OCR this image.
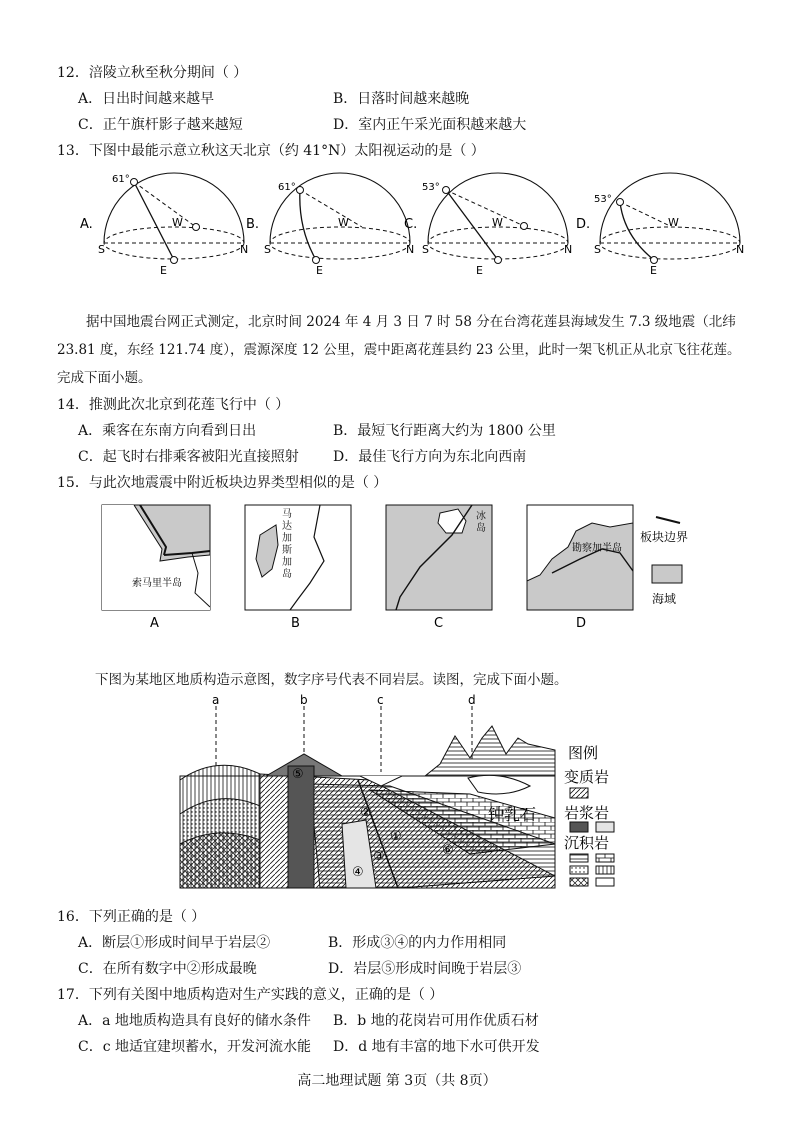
12．涪陵立秋至秋分期间（ ）
A．日出时间越来越早	B．日落时间越来越晚
C．正午旗杆影子越来越短	D．室内正午采光面积越来越大
13．下图中最能示意立秋这天北京（约 41°N）太阳视运动的是（ ）
A.
61°
S	N
E
W	B.
61°
S	N
E
W	C.
53°
S	N
E
W	D.
53°
S	N
E
W
据中国地震台网正式测定，北京时间 2024 年 4 月 3 日 7 时 58 分在台湾花莲县海域发生 7.3 级地震（北纬
23.81 度，东经 121.74 度），震源深度 12 公里，震中距离花莲县约 23 公里，此时一架飞机正从北京飞往花莲。
完成下面小题。
14．推测此次北京到花莲飞行中（ ）
A．乘客在东南方向看到日出	B．最短飞行距离大约为 1800 公里
C．起飞时右排乘客被阳光直接照射 D．最佳飞行方向为东北向西南
15．与此次地震震中附近板块边界类型相似的是（ ）
索马里半岛
A	B	C
勘察加半岛
D
板块边界
海域
马达加斯加岛
冰岛
下图为某地区地质构造示意图，数字序号代表不同岩层。读图，完成下面小题。
a	b	c	d
⑤
②
①
③
④
⑥
钟乳石
图例
变质岩
岩浆岩
沉积岩
16．下列正确的是（ ）
A．断层①形成时间早于岩层②	B．形成③④的内力作用相同
C．在所有数字中②形成最晚	D．岩层⑤形成时间晚于岩层③
17．下列有关图中地质构造对生产实践的意义，正确的是（ ）
A．a 地地质构造具有良好的储水条件 B．b 地的花岗岩可用作优质石材
C．c 地适宜建坝蓄水，开发河流水能 D．d 地有丰富的地下水可供开发
高二地理试题 第 3页（共 8页）
